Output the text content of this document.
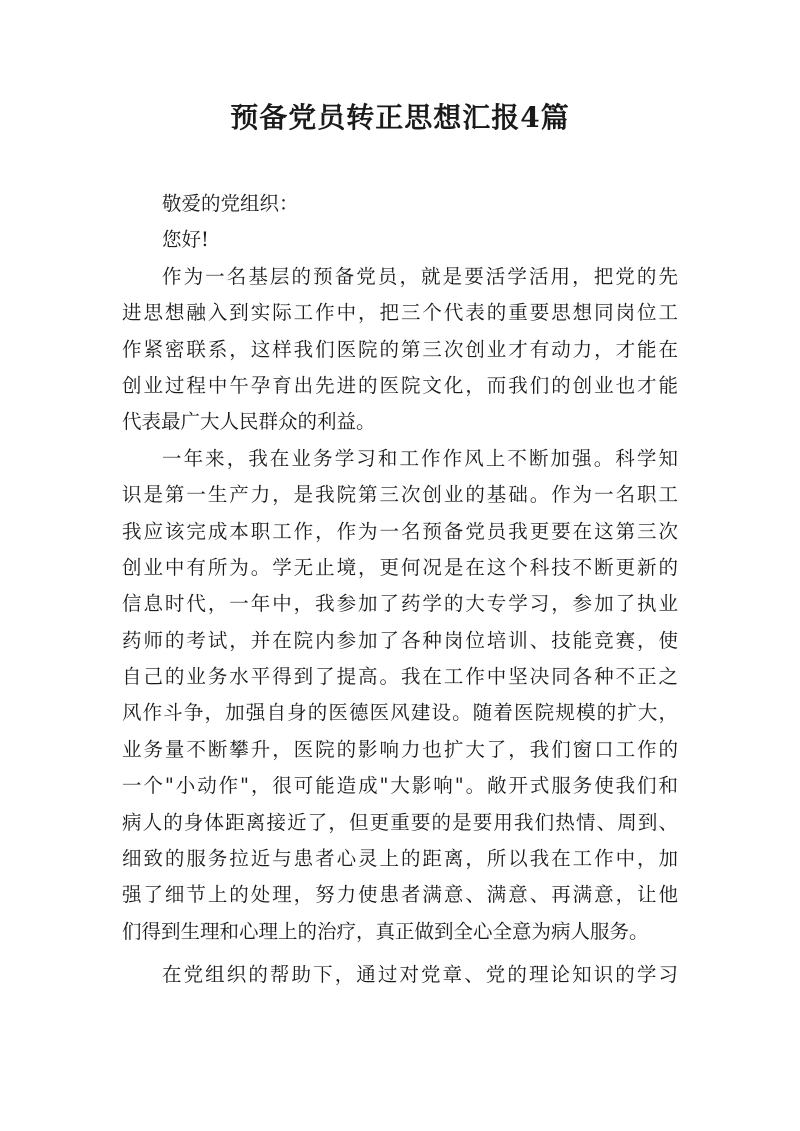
预备党员转正思想汇报4篇

敬爱的党组织：

您好!

作为一名基层的预备党员，就是要活学活用，把党的先

进思想融入到实际工作中，把三个代表的重要思想同岗位工

作紧密联系，这样我们医院的第三次创业才有动力，才能在

创业过程中午孕育出先进的医院文化，而我们的创业也才能

代表最广大人民群众的利益。

一年来，我在业务学习和工作作风上不断加强。科学知

识是第一生产力，是我院第三次创业的基础。作为一名职工

我应该完成本职工作，作为一名预备党员我更要在这第三次

创业中有所为。学无止境，更何况是在这个科技不断更新的

信息时代，一年中，我参加了药学的大专学习，参加了执业

药师的考试，并在院内参加了各种岗位培训、技能竞赛，使

自己的业务水平得到了提高。我在工作中坚决同各种不正之

风作斗争，加强自身的医德医风建设。随着医院规模的扩大，

业务量不断攀升，医院的影响力也扩大了，我们窗口工作的

一个"小动作"，很可能造成"大影响"。敞开式服务使我们和

病人的身体距离接近了，但更重要的是要用我们热情、周到、

细致的服务拉近与患者心灵上的距离，所以我在工作中，加

强了细节上的处理，努力使患者满意、满意、再满意，让他

们得到生理和心理上的治疗，真正做到全心全意为病人服务。

在党组织的帮助下，通过对党章、党的理论知识的学习
